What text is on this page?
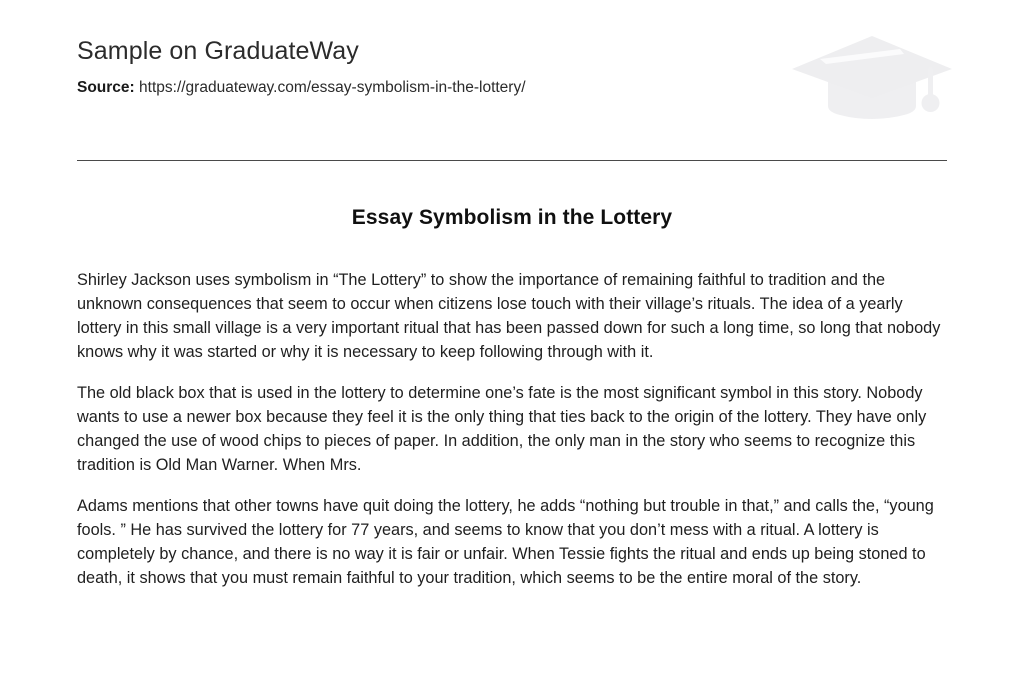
Sample on GraduateWay
Source: https://graduateway.com/essay-symbolism-in-the-lottery/
Essay Symbolism in the Lottery

Shirley Jackson uses symbolism in “The Lottery” to show the importance of remaining faithful to tradition and the unknown consequences that seem to occur when citizens lose touch with their village’s rituals. The idea of a yearly lottery in this small village is a very important ritual that has been passed down for such a long time, so long that nobody knows why it was started or why it is necessary to keep following through with it.

The old black box that is used in the lottery to determine one’s fate is the most significant symbol in this story. Nobody wants to use a newer box because they feel it is the only thing that ties back to the origin of the lottery. They have only changed the use of wood chips to pieces of paper. In addition, the only man in the story who seems to recognize this tradition is Old Man Warner. When Mrs.

Adams mentions that other towns have quit doing the lottery, he adds “nothing but trouble in that,” and calls the, “young fools. ” He has survived the lottery for 77 years, and seems to know that you don’t mess with a ritual. A lottery is completely by chance, and there is no way it is fair or unfair. When Tessie fights the ritual and ends up being stoned to death, it shows that you must remain faithful to your tradition, which seems to be the entire moral of the story.
